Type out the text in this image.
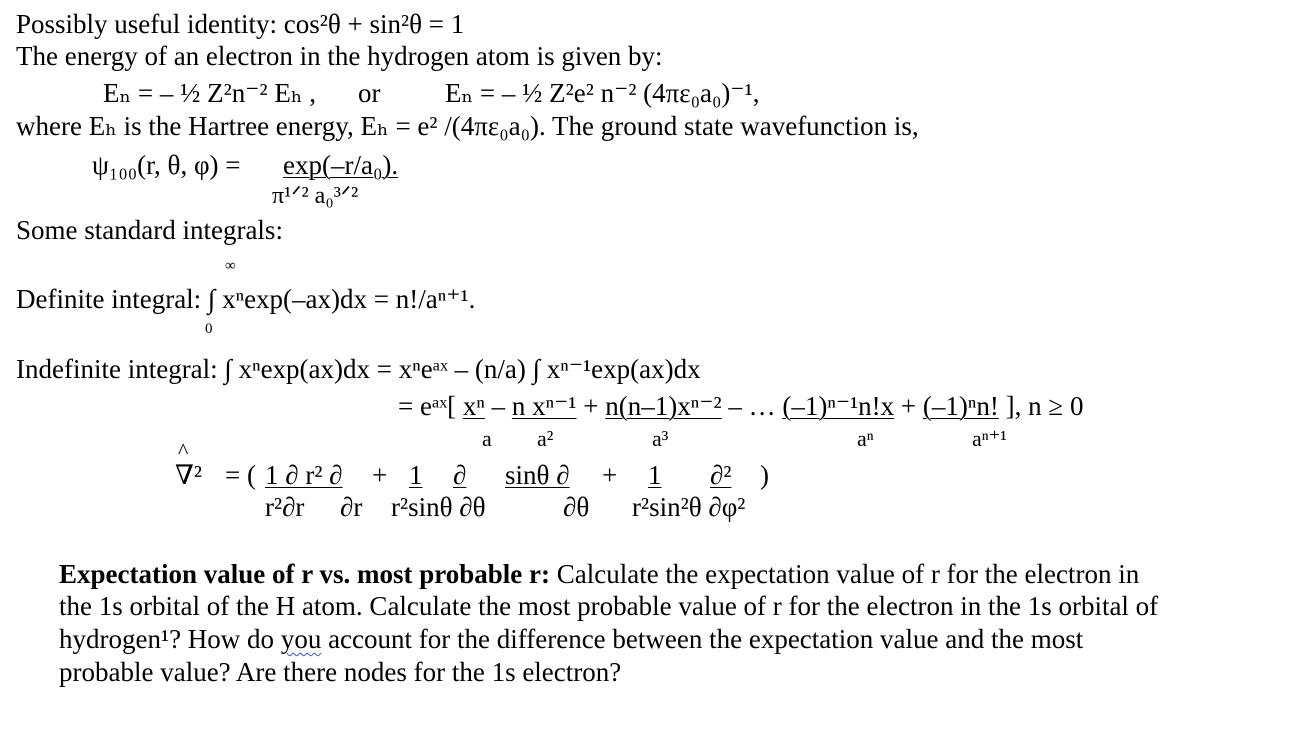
Possibly useful identity: cos²θ + sin²θ = 1
The energy of an electron in the hydrogen atom is given by:
Eₙ = – ½ Z²n⁻² Eₕ , or Eₙ = – ½ Z²e² n⁻² (4πε₀a₀)⁻¹,
where Eₕ is the Hartree energy, Eₕ = e² /(4πε₀a₀). The ground state wavefunction is,
ψ₁₀₀(r, θ, φ) = exp(–r/a₀).
π¹ᐟ² a₀³ᐟ²
Some standard integrals:
∞
Definite integral: ∫ xⁿexp(–ax)dx = n!/aⁿ⁺¹.
0
Indefinite integral: ∫ xⁿexp(ax)dx = xⁿeᵃˣ – (n/a) ∫ xⁿ⁻¹exp(ax)dx
= eᵃˣ[ xⁿ – n xⁿ⁻¹ + n(n–1)xⁿ⁻² – … (–1)ⁿ⁻¹n!x + (–1)ⁿn! ], n ≥ 0
a a²	a³	aⁿ	aⁿ⁺¹
^
∇² = ( 1 ∂ r² ∂ + 1	∂ sinθ ∂ +	1	∂²	)
r²∂r ∂r r²sinθ ∂θ	∂θ r²sin²θ ∂φ²
Expectation value of r vs. most probable r: Calculate the expectation value of r for the electron in
the 1s orbital of the H atom. Calculate the most probable value of r for the electron in the 1s orbital of
hydrogen¹? How do you account for the difference between the expectation value and the most
probable value? Are there nodes for the 1s electron?
